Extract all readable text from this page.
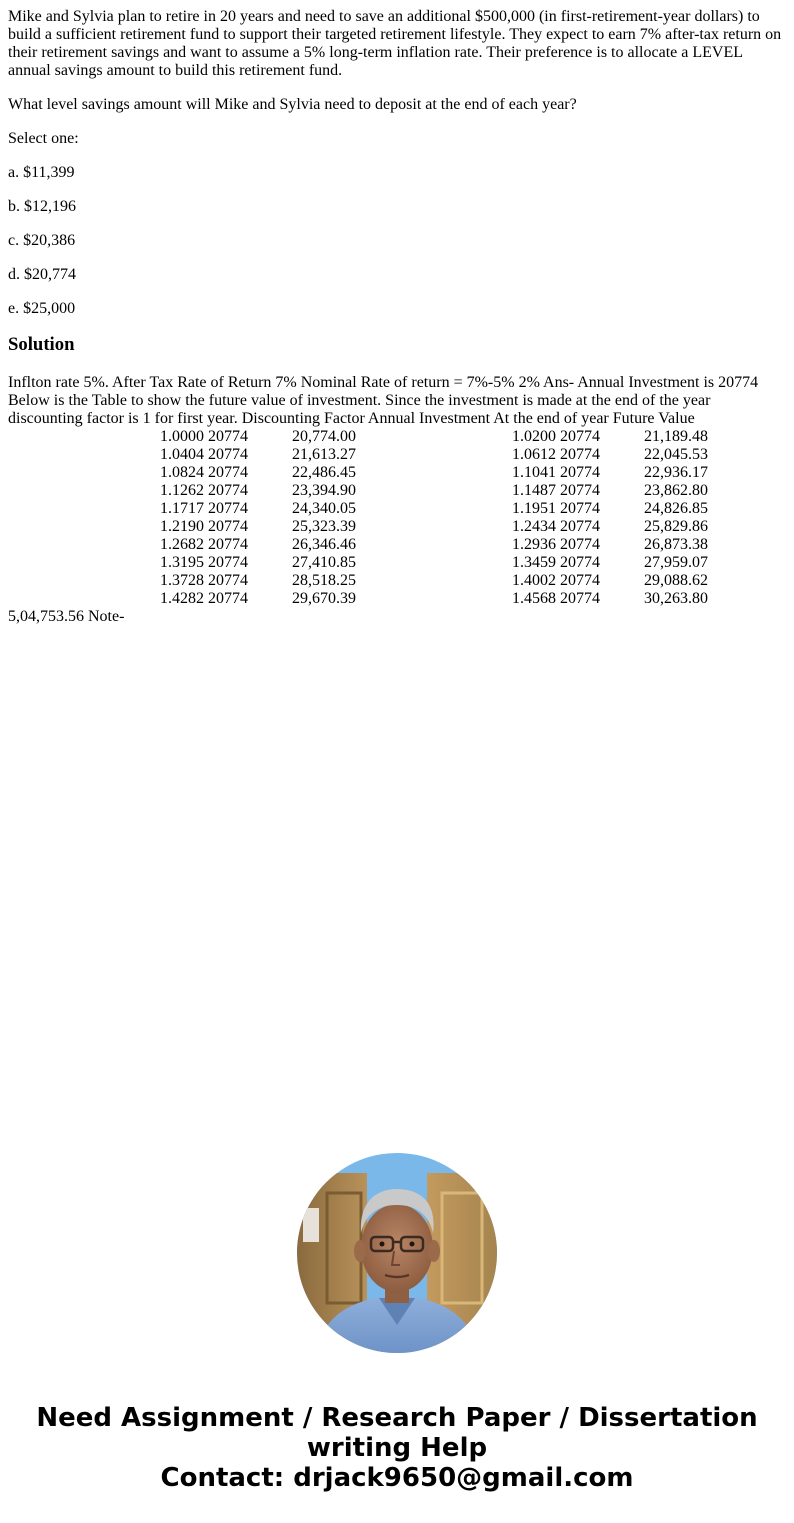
Mike and Sylvia plan to retire in 20 years and need to save an additional $500,000 (in first-retirement-year dollars) to build a sufficient retirement fund to support their targeted retirement lifestyle. They expect to earn 7% after-tax return on their retirement savings and want to assume a 5% long-term inflation rate. Their preference is to allocate a LEVEL annual savings amount to build this retirement fund.

What level savings amount will Mike and Sylvia need to deposit at the end of each year?

Select one:

a. $11,399

b. $12,196

c. $20,386

d. $20,774

e. $25,000

Solution

Inflton rate 5%. After Tax Rate of Return 7% Nominal Rate of return = 7%-5% 2% Ans- Annual Investment is 20774 Below is the Table to show the future value of investment. Since the investment is made at the end of the year discounting factor is 1 for first year. Discounting Factor Annual Investment At the end of year Future Value

	1.0000 20774	20,774.00		1.0200 20774	21,189.48
	1.0404 20774	21,613.27		1.0612 20774	22,045.53
	1.0824 20774	22,486.45		1.1041 20774	22,936.17
	1.1262 20774	23,394.90		1.1487 20774	23,862.80
	1.1717 20774	24,340.05		1.1951 20774	24,826.85
	1.2190 20774	25,323.39		1.2434 20774	25,829.86
	1.2682 20774	26,346.46		1.2936 20774	26,873.38
	1.3195 20774	27,410.85		1.3459 20774	27,959.07
	1.3728 20774	28,518.25		1.4002 20774	29,088.62
	1.4282 20774	29,670.39		1.4568 20774	30,263.80

5,04,753.56 Note-

Need Assignment / Research Paper / Dissertation
writing Help
Contact: drjack9650@gmail.com
